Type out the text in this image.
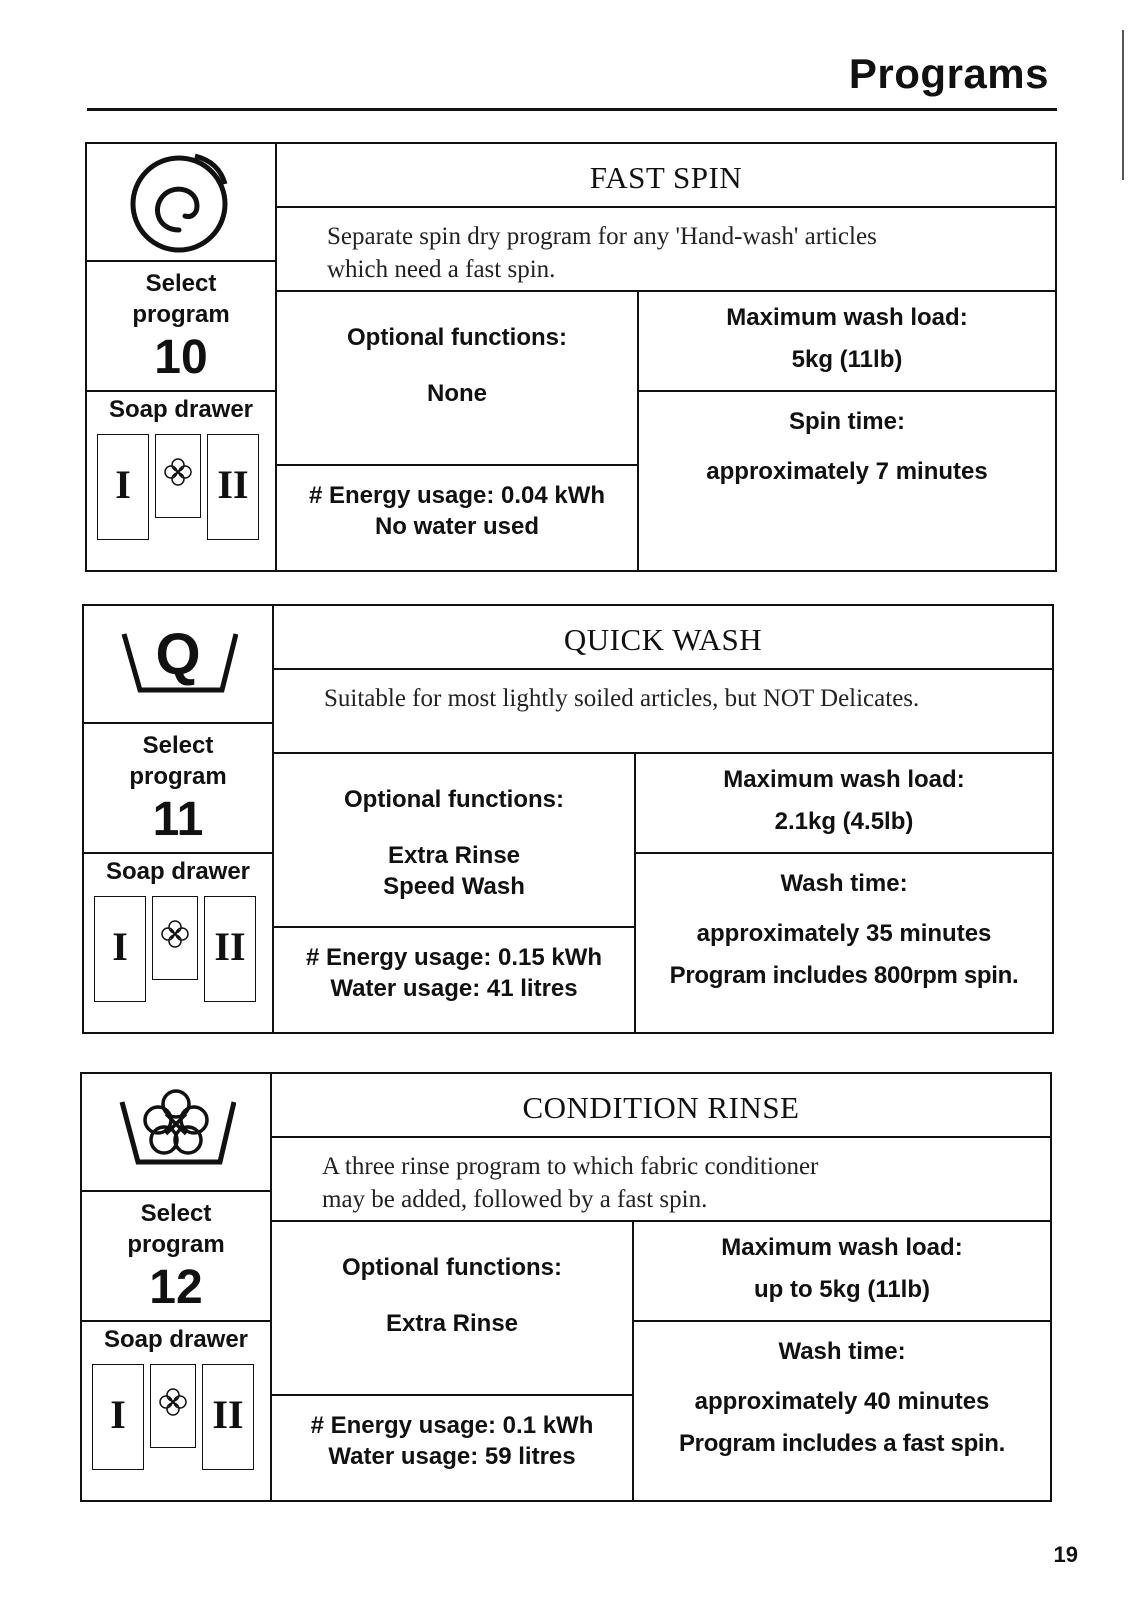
Programs
Select
program
10
Soap drawer
I	II
FAST SPIN
Separate spin dry program for any 'Hand-wash' articles
which need a fast spin.
Optional functions:
None
# Energy usage: 0.04 kWh
No water used
Maximum wash load:
5kg (11lb)
Spin time:
approximately 7 minutes
Q
Select
program
11
Soap drawer
I	II
QUICK WASH
Suitable for most lightly soiled articles, but NOT Delicates.
Optional functions:
Extra Rinse
Speed Wash
# Energy usage: 0.15 kWh
Water usage: 41 litres
Maximum wash load:
2.1kg (4.5lb)
Wash time:
approximately 35 minutes
Program includes 800rpm spin.
Select
program
12
Soap drawer
I	II
CONDITION RINSE
A three rinse program to which fabric conditioner
may be added, followed by a fast spin.
Optional functions:
Extra Rinse
# Energy usage: 0.1 kWh
Water usage: 59 litres
Maximum wash load:
up to 5kg (11lb)
Wash time:
approximately 40 minutes
Program includes a fast spin.
19
